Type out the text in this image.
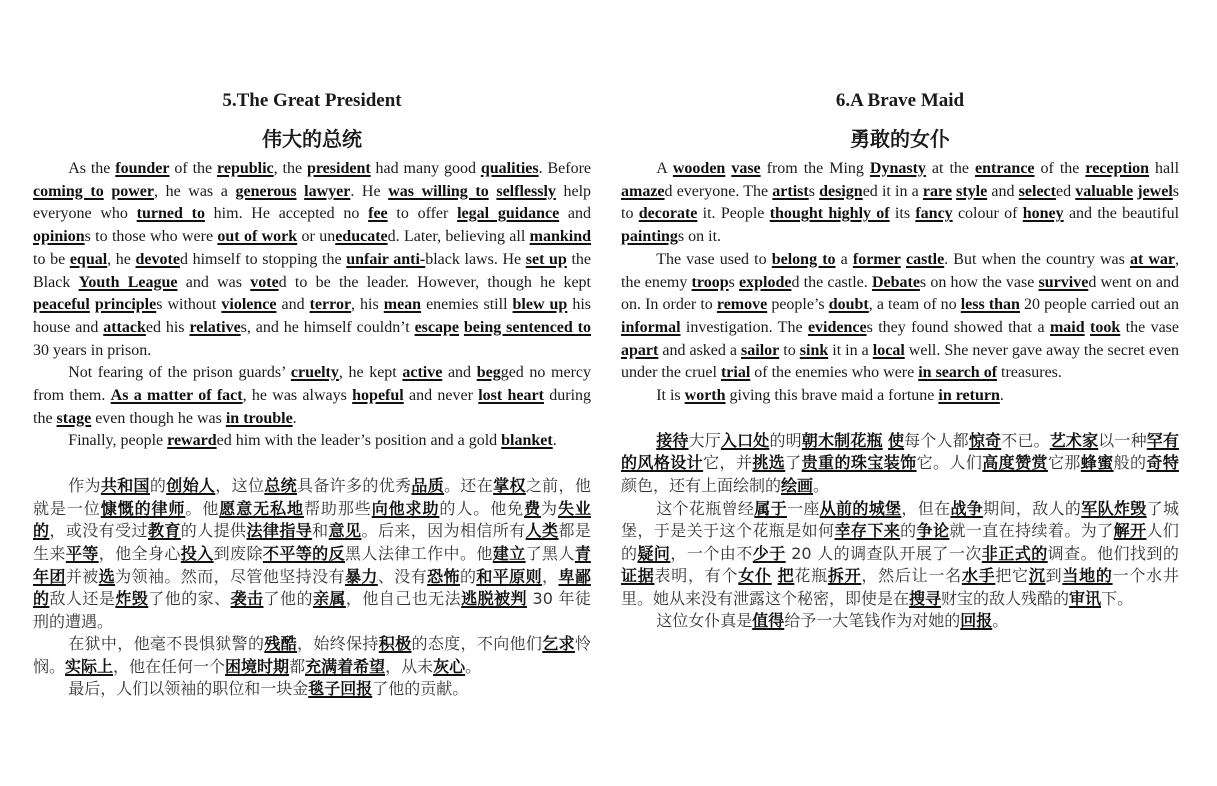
5.The Great President
伟大的总统

As the founder of the republic, the president had many good qualities. Before coming to power, he was a generous lawyer. He was willing to selflessly help everyone who turned to him. He accepted no fee to offer legal guidance and opinions to those who were out of work or uneducated. Later, believing all mankind to be equal, he devoted himself to stopping the unfair anti-black laws. He set up the Black Youth League and was voted to be the leader. However, though he kept peaceful principles without violence and terror, his mean enemies still blew up his house and attacked his relatives, and he himself couldn’t escape being sentenced to 30 years in prison.

Not fearing of the prison guards’ cruelty, he kept active and begged no mercy from them. As a matter of fact, he was always hopeful and never lost heart during the stage even though he was in trouble.

Finally, people rewarded him with the leader’s position and a gold blanket.

作为共和国的创始人，这位总统具备许多的优秀品质。还在掌权之前，他就是一位慷慨的律师。他愿意无私地帮助那些向他求助的人。他免费为失业的，或没有受过教育的人提供法律指导和意见。后来，因为相信所有人类都是生来平等，他全身心投入到废除不平等的反黑人法律工作中。他建立了黑人青年团并被选为领袖。然而，尽管他坚持没有暴力、没有恐怖的和平原则，卑鄙的敌人还是炸毁了他的家、袭击了他的亲属，他自己也无法逃脱被判 30 年徒刑的遭遇。

在狱中，他毫不畏惧狱警的残酷，始终保持积极的态度，不向他们乞求怜悯。实际上，他在任何一个困境时期都充满着希望，从未灰心。

最后，人们以领袖的职位和一块金毯子回报了他的贡献。

6.A Brave Maid
勇敢的女仆

A wooden vase from the Ming Dynasty at the entrance of the reception hall amazed everyone. The artists designed it in a rare style and selected valuable jewels to decorate it. People thought highly of its fancy colour of honey and the beautiful paintings on it.

The vase used to belong to a former castle. But when the country was at war, the enemy troops exploded the castle. Debates on how the vase survived went on and on. In order to remove people’s doubt, a team of no less than 20 people carried out an informal investigation. The evidences they found showed that a maid took the vase apart and asked a sailor to sink it in a local well. She never gave away the secret even under the cruel trial of the enemies who were in search of treasures.

It is worth giving this brave maid a fortune in return.

接待大厅入口处的明朝木制花瓶 使每个人都惊奇不已。艺术家以一种罕有的风格设计它，并挑选了贵重的珠宝装饰它。人们高度赞赏它那蜂蜜般的奇特颜色，还有上面绘制的绘画。

这个花瓶曾经属于一座从前的城堡，但在战争期间，敌人的军队炸毁了城堡，于是关于这个花瓶是如何幸存下来的争论就一直在持续着。为了解开人们的疑问，一个由不少于 20 人的调查队开展了一次非正式的调查。他们找到的证据表明，有个女仆 把花瓶拆开，然后让一名水手把它沉到当地的一个水井里。她从来没有泄露这个秘密，即使是在搜寻财宝的敌人残酷的审讯下。

这位女仆真是值得给予一大笔钱作为对她的回报。
